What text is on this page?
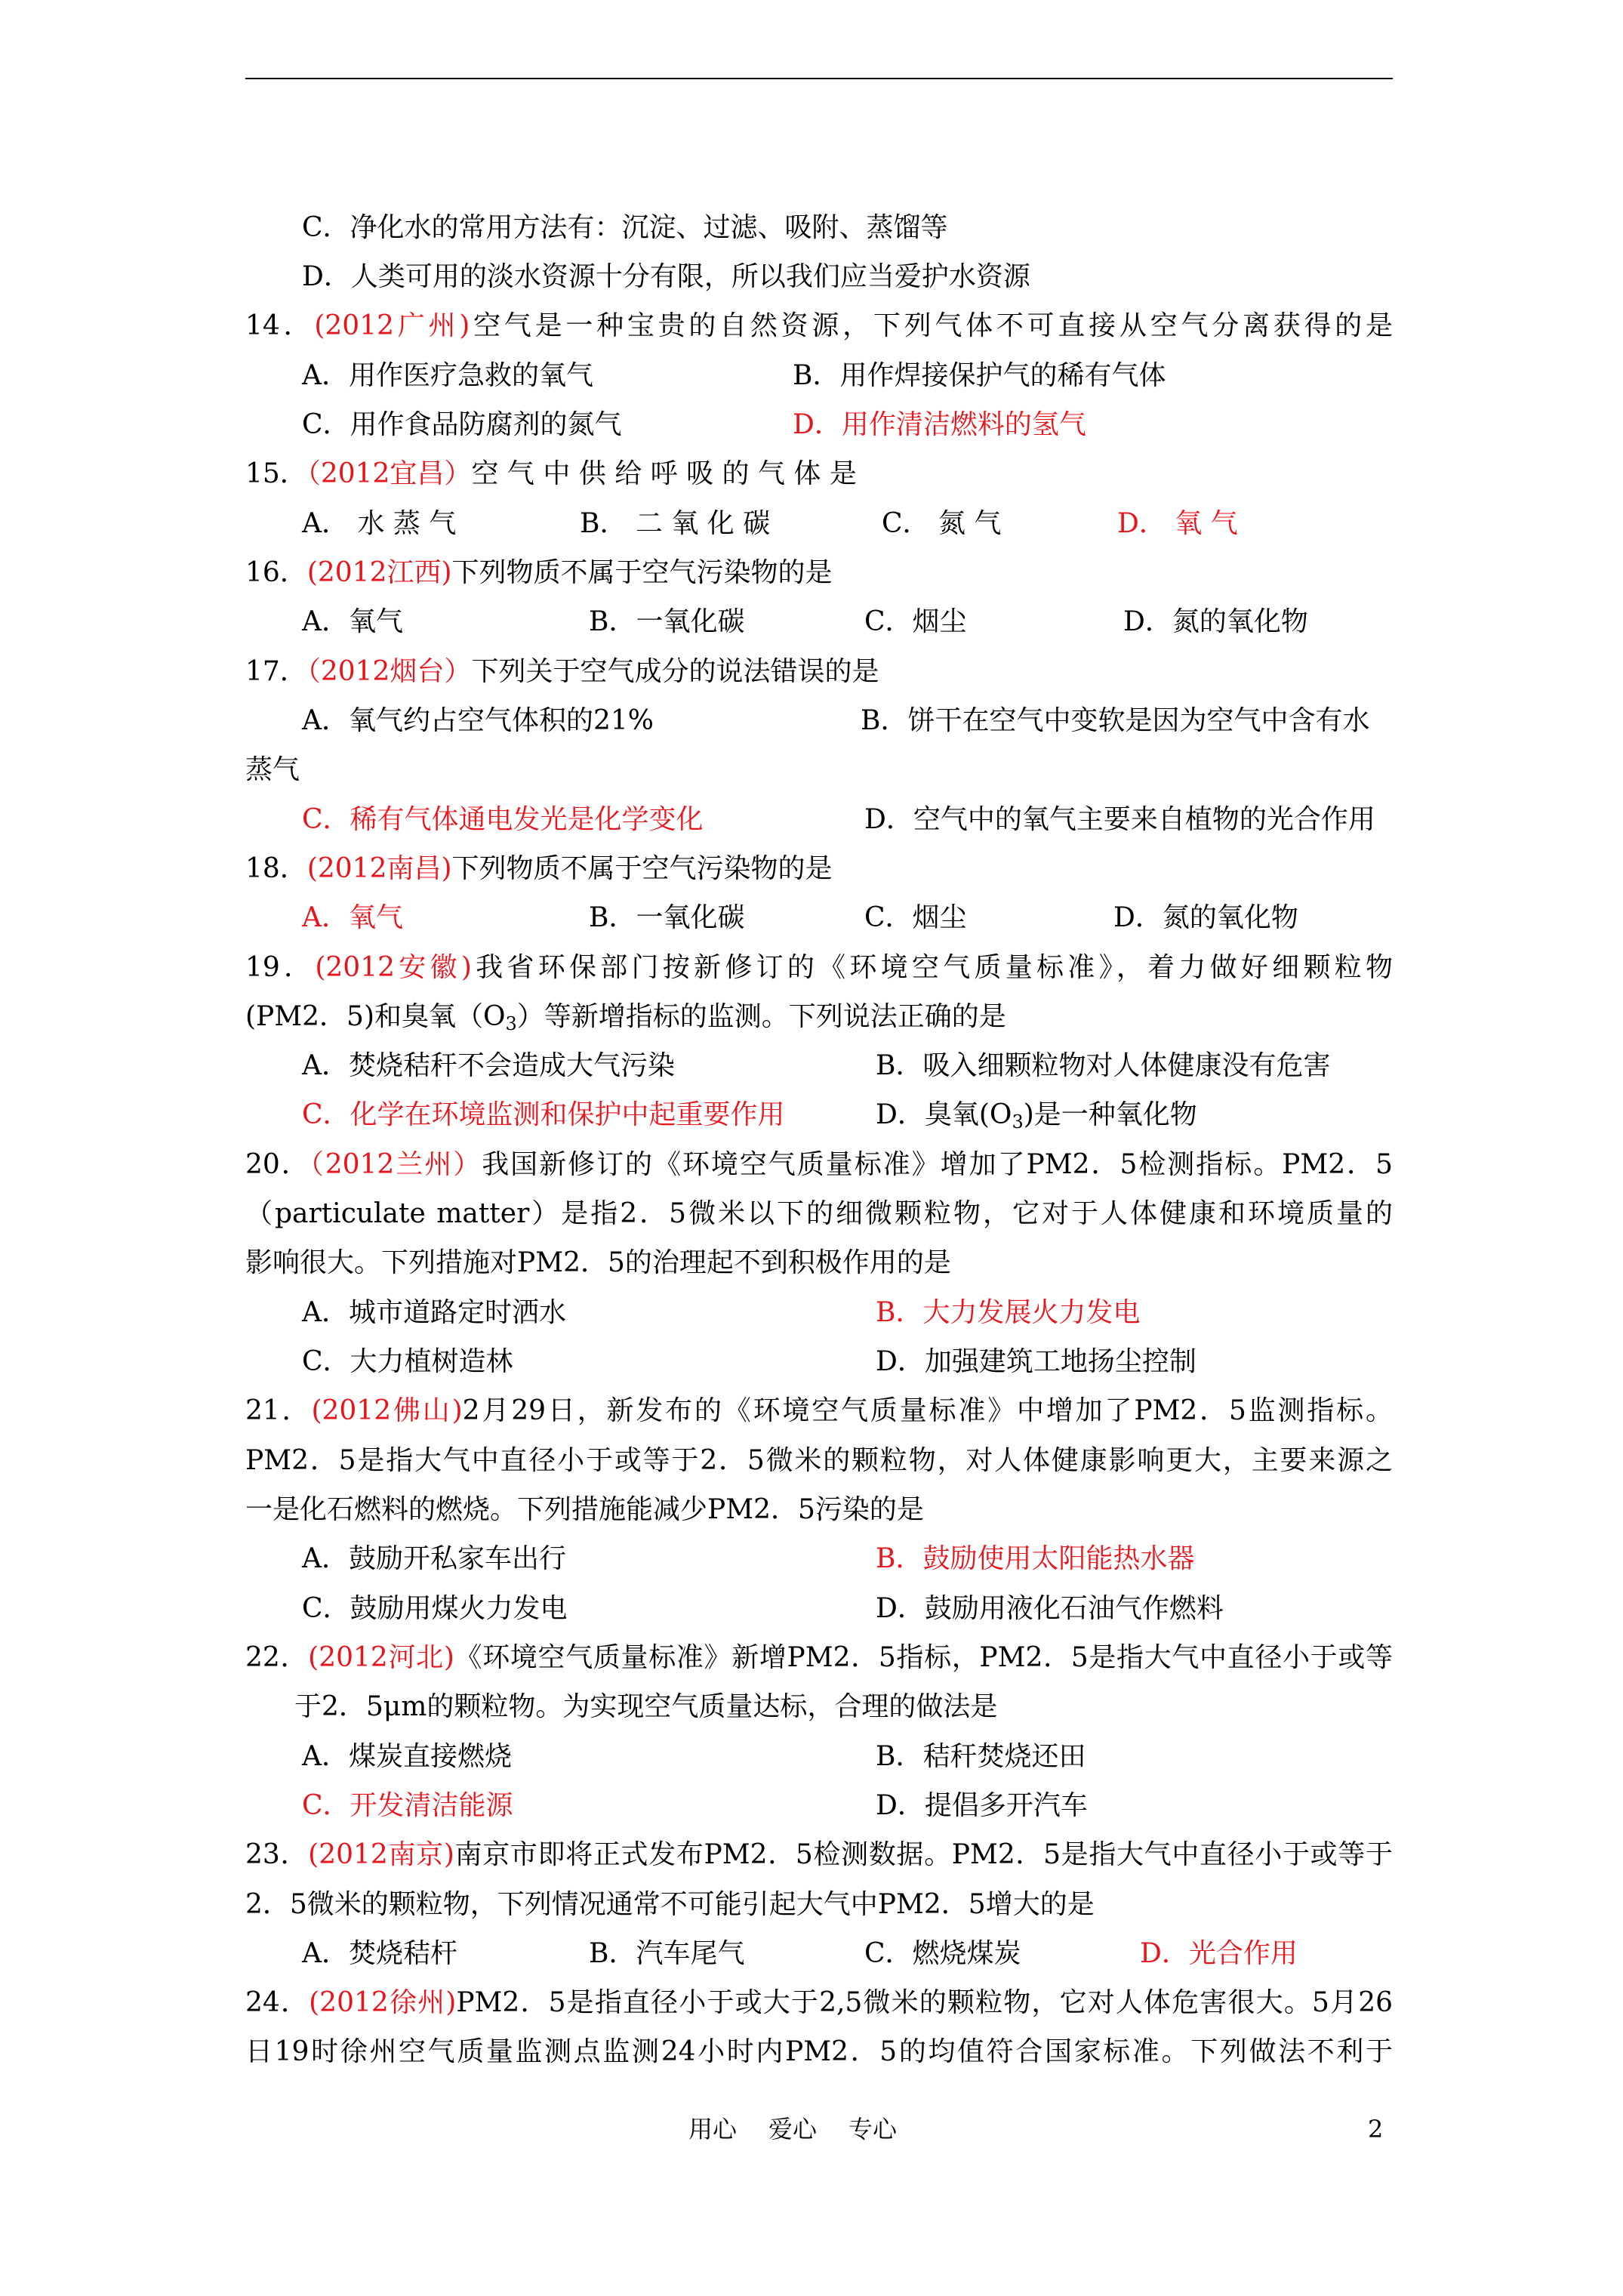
C．净化水的常用方法有：沉淀、过滤、吸附、蒸馏等
D．人类可用的淡水资源十分有限，所以我们应当爱护水资源
14．(2012广州)空气是一种宝贵的自然资源，下列气体不可直接从空气分离获得的是
A．用作医疗急救的氧气	B．用作焊接保护气的稀有气体
C．用作食品防腐剂的氮气	D．用作清洁燃料的氢气
15．（2012宜昌）空 气 中 供 给 呼 吸 的 气 体 是
A． 水 蒸 气	B． 二 氧 化 碳	C． 氮 气	D． 氧 气
16．(2012江西)下列物质不属于空气污染物的是
A．氧气	B．一氧化碳	C．烟尘	D．氮的氧化物
17．（2012烟台）下列关于空气成分的说法错误的是
A．氧气约占空气体积的21%	B．饼干在空气中变软是因为空气中含有水
蒸气
C．稀有气体通电发光是化学变化	D．空气中的氧气主要来自植物的光合作用
18．(2012南昌)下列物质不属于空气污染物的是
A．氧气	B．一氧化碳	C．烟尘	D．氮的氧化物
19．(2012安徽)我省环保部门按新修订的《环境空气质量标准》，着力做好细颗粒物
(PM2．5)和臭氧$(O_3)$等新增指标的监测。下列说法正确的是
A．焚烧秸秆不会造成大气污染	B．吸入细颗粒物对人体健康没有危害
C．化学在环境监测和保护中起重要作用	D．臭氧$(O_3)$是一种氧化物
20．（2012兰州）我国新修订的《环境空气质量标准》增加了PM2．5检测指标。PM2．5
（particulate matter）是指2．5微米以下的细微颗粒物，它对于人体健康和环境质量的
影响很大。下列措施对PM2．5的治理起不到积极作用的是
A．城市道路定时洒水	B．大力发展火力发电
C．大力植树造林	D．加强建筑工地扬尘控制
21．(2012佛山)2月29日，新发布的《环境空气质量标准》中增加了PM2．5监测指标。
PM2．5是指大气中直径小于或等于2．5微米的颗粒物，对人体健康影响更大，主要来源之
一是化石燃料的燃烧。下列措施能减少PM2．5污染的是
A．鼓励开私家车出行	B．鼓励使用太阳能热水器
C．鼓励用煤火力发电	D．鼓励用液化石油气作燃料
22．(2012河北)《环境空气质量标准》新增PM2．5指标，PM2．5是指大气中直径小于或等
于2．5μm的颗粒物。为实现空气质量达标，合理的做法是
A．煤炭直接燃烧	B．秸秆焚烧还田
C．开发清洁能源	D．提倡多开汽车
23．(2012南京)南京市即将正式发布PM2．5检测数据。PM2．5是指大气中直径小于或等于
2．5微米的颗粒物，下列情况通常不可能引起大气中PM2．5增大的是
A．焚烧秸杆	B．汽车尾气	C．燃烧煤炭	D．光合作用
24．(2012徐州)PM2．5是指直径小于或大于2,5微米的颗粒物，它对人体危害很大。5月26
日19时徐州空气质量监测点监测24小时内PM2．5的均值符合国家标准。下列做法不利于
用心 爱心 专心	2
